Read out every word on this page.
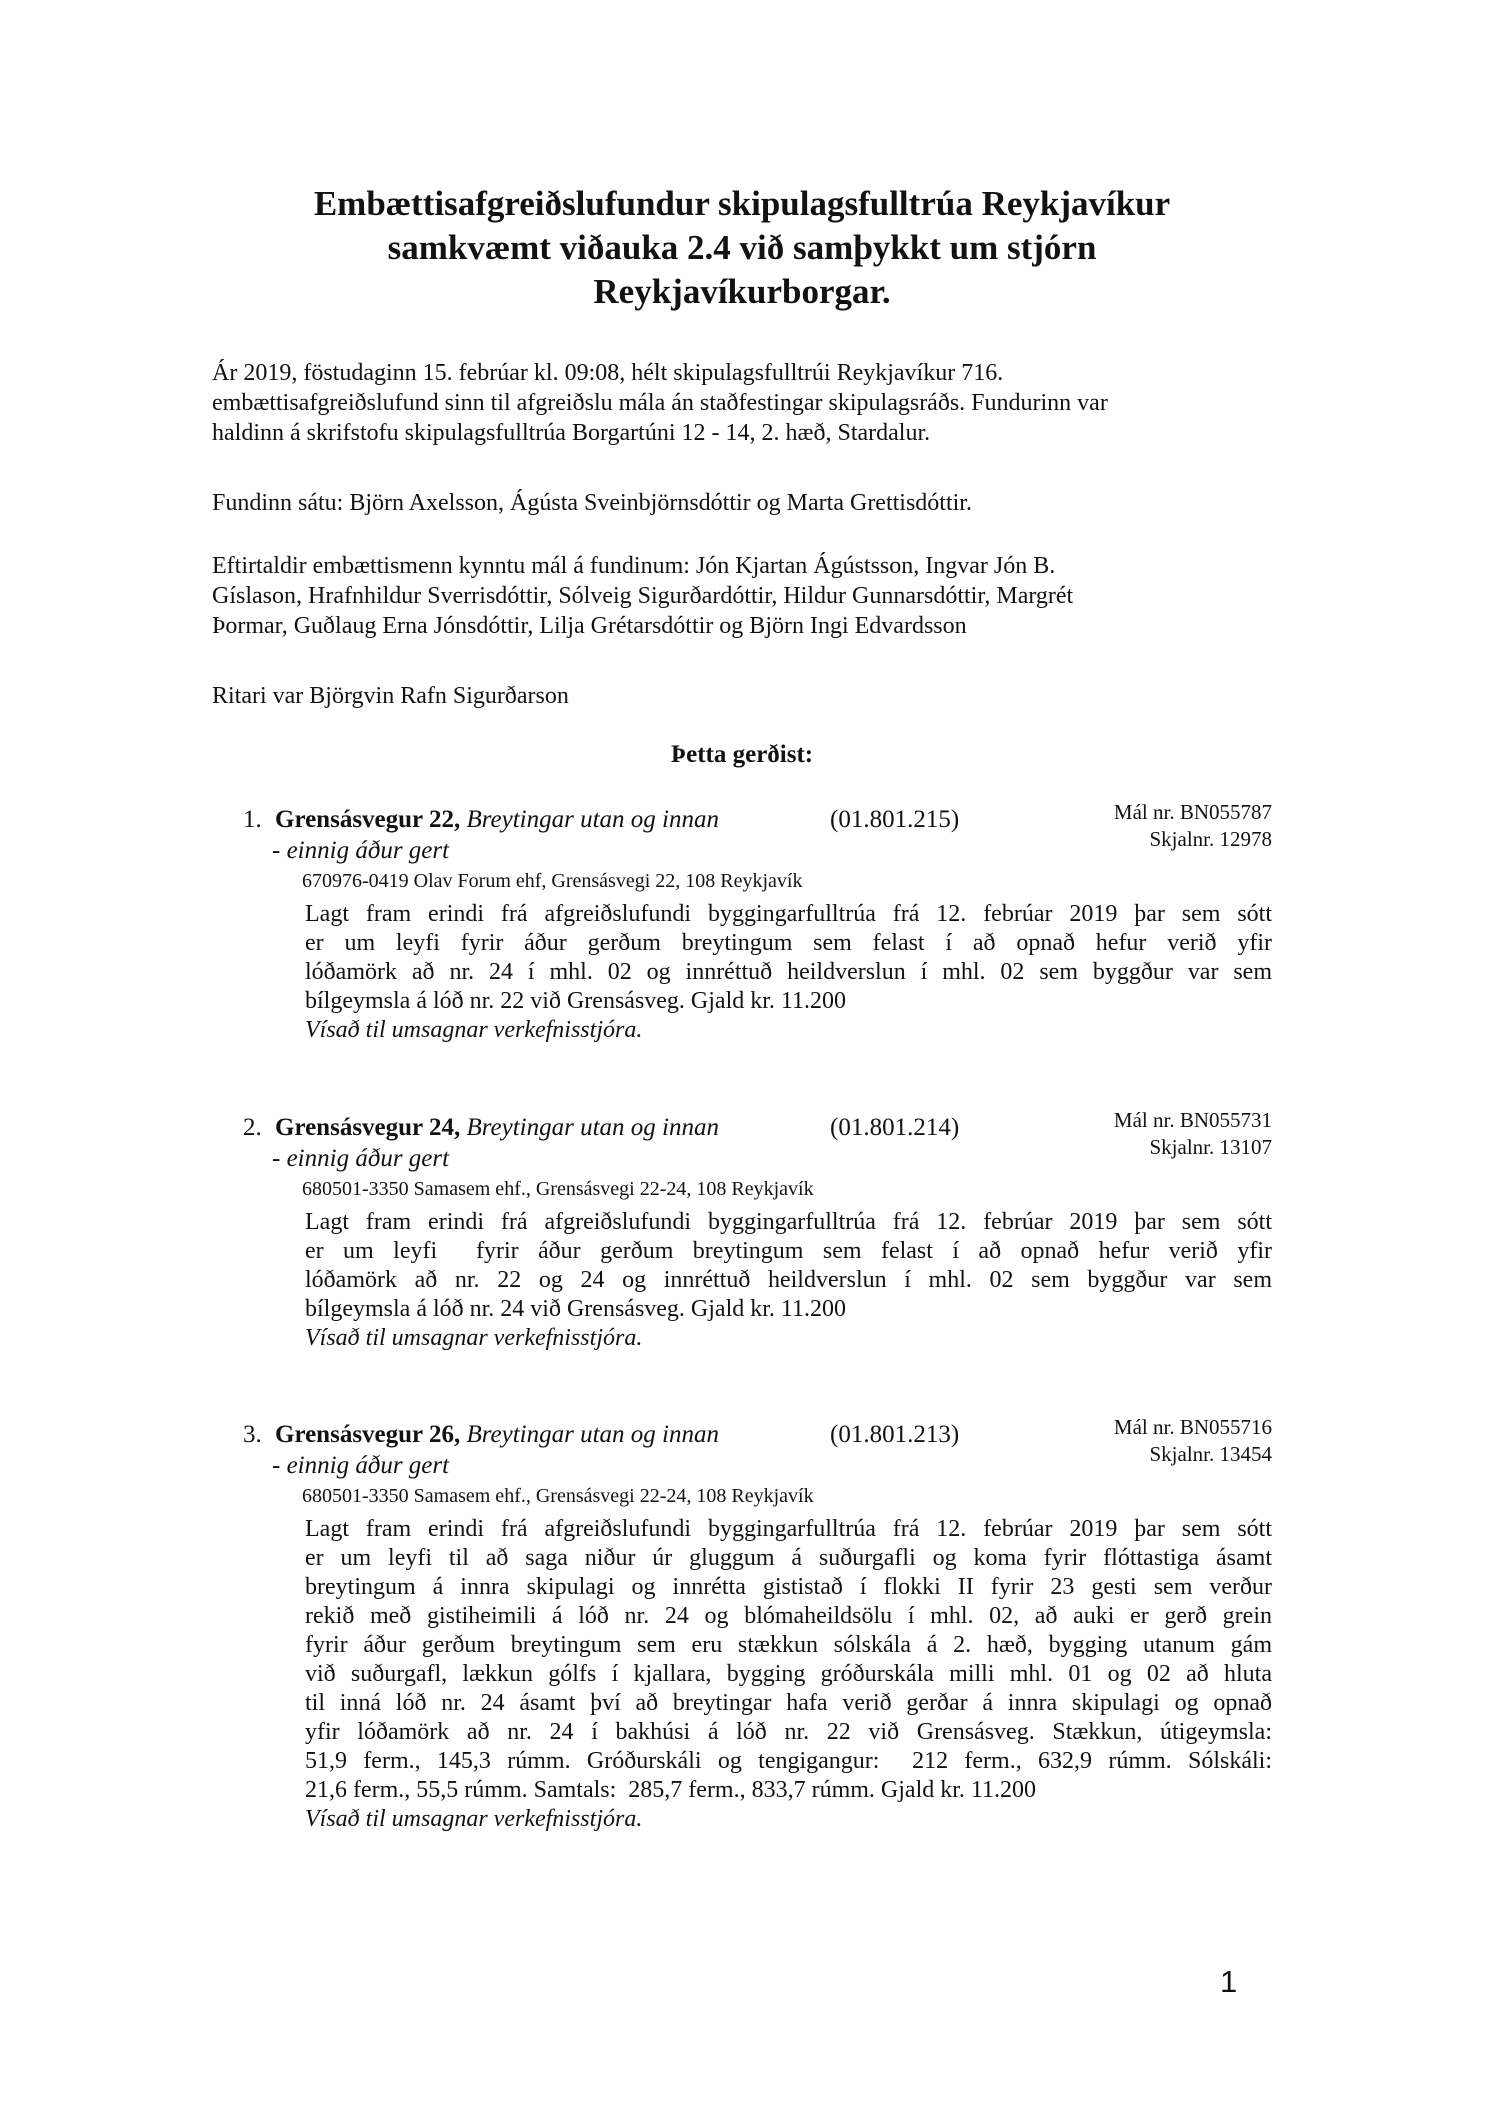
Embættisafgreiðslufundur skipulagsfulltrúa Reykjavíkur
samkvæmt viðauka 2.4 við samþykkt um stjórn
Reykjavíkurborgar.
Ár 2019, föstudaginn 15. febrúar kl. 09:08, hélt skipulagsfulltrúi Reykjavíkur 716.
embættisafgreiðslufund sinn til afgreiðslu mála án staðfestingar skipulagsráðs. Fundurinn var
haldinn á skrifstofu skipulagsfulltrúa Borgartúni 12 - 14, 2. hæð, Stardalur.
Fundinn sátu: Björn Axelsson, Ágústa Sveinbjörnsdóttir og Marta Grettisdóttir.
Eftirtaldir embættismenn kynntu mál á fundinum: Jón Kjartan Ágústsson, Ingvar Jón B.
Gíslason, Hrafnhildur Sverrisdóttir, Sólveig Sigurðardóttir, Hildur Gunnarsdóttir, Margrét
Þormar, Guðlaug Erna Jónsdóttir, Lilja Grétarsdóttir og Björn Ingi Edvardsson
Ritari var Björgvin Rafn Sigurðarson
Þetta gerðist:
1. Grensásvegur 22, Breytingar utan og innan	(01.801.215)	Mál nr. BN055787
Skjalnr. 12978
- einnig áður gert
670976-0419 Olav Forum ehf, Grensásvegi 22, 108 Reykjavík
Lagt fram erindi frá afgreiðslufundi byggingarfulltrúa frá 12. febrúar 2019 þar sem sótt
er um leyfi fyrir áður gerðum breytingum sem felast í að opnað hefur verið yfir
lóðamörk að nr. 24 í mhl. 02 og innréttuð heildverslun í mhl. 02 sem byggður var sem
bílgeymsla á lóð nr. 22 við Grensásveg. Gjald kr. 11.200
Vísað til umsagnar verkefnisstjóra.
2. Grensásvegur 24, Breytingar utan og innan	(01.801.214)	Mál nr. BN055731
Skjalnr. 13107
- einnig áður gert
680501-3350 Samasem ehf., Grensásvegi 22-24, 108 Reykjavík
Lagt fram erindi frá afgreiðslufundi byggingarfulltrúa frá 12. febrúar 2019 þar sem sótt
er um leyfi  fyrir áður gerðum breytingum sem felast í að opnað hefur verið yfir
lóðamörk að nr. 22 og 24 og innréttuð heildverslun í mhl. 02 sem byggður var sem
bílgeymsla á lóð nr. 24 við Grensásveg. Gjald kr. 11.200
Vísað til umsagnar verkefnisstjóra.
3. Grensásvegur 26, Breytingar utan og innan	(01.801.213)	Mál nr. BN055716
Skjalnr. 13454
- einnig áður gert
680501-3350 Samasem ehf., Grensásvegi 22-24, 108 Reykjavík
Lagt fram erindi frá afgreiðslufundi byggingarfulltrúa frá 12. febrúar 2019 þar sem sótt
er um leyfi til að saga niður úr gluggum á suðurgafli og koma fyrir flóttastiga ásamt
breytingum á innra skipulagi og innrétta gististað í flokki II fyrir 23 gesti sem verður
rekið með gistiheimili á lóð nr. 24 og blómaheildsölu í mhl. 02, að auki er gerð grein
fyrir áður gerðum breytingum sem eru stækkun sólskála á 2. hæð, bygging utanum gám
við suðurgafl, lækkun gólfs í kjallara, bygging gróðurskála milli mhl. 01 og 02 að hluta
til inná lóð nr. 24 ásamt því að breytingar hafa verið gerðar á innra skipulagi og opnað
yfir lóðamörk að nr. 24 í bakhúsi á lóð nr. 22 við Grensásveg. Stækkun, útigeymsla:
51,9 ferm., 145,3 rúmm. Gróðurskáli og tengigangur:  212 ferm., 632,9 rúmm. Sólskáli:
21,6 ferm., 55,5 rúmm. Samtals:  285,7 ferm., 833,7 rúmm. Gjald kr. 11.200
Vísað til umsagnar verkefnisstjóra.
1
